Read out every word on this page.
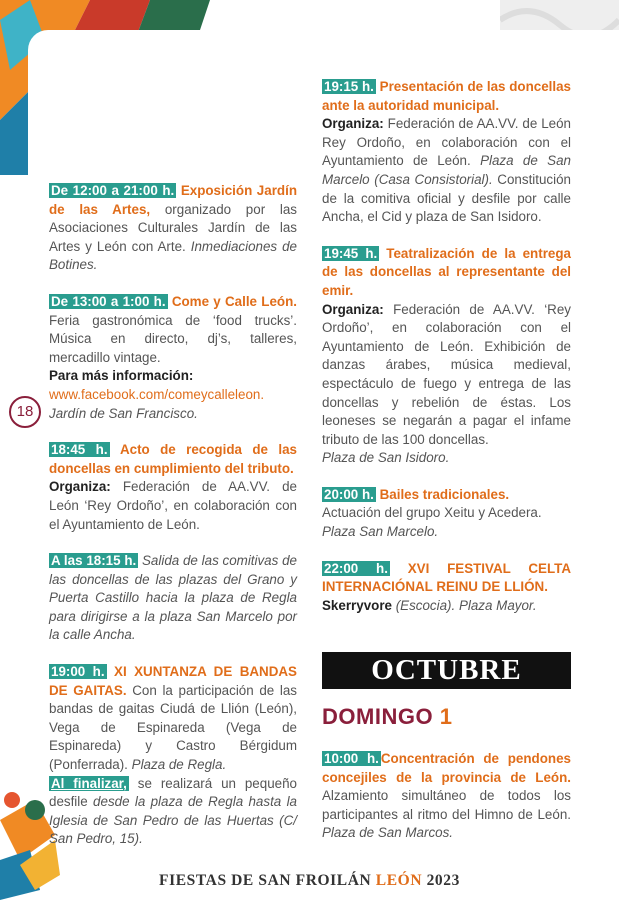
18

De 12:00 a 21:00 h. Exposición Jardín de las Artes, organizado por las Asociaciones Culturales Jardín de las Artes y León con Arte. Inmediaciones de Botines.

De 13:00 a 1:00 h. Come y Calle León. Feria gastronómica de ‘food trucks’. Música en directo, dj’s, talleres, mercadillo vintage.
Para más información:
www.facebook.com/comeycalleleon. Jardín de San Francisco.

18:45 h. Acto de recogida de las doncellas en cumplimiento del tributo.
Organiza: Federación de AA.VV. de León ‘Rey Ordoño’, en colaboración con el Ayuntamiento de León.

A las 18:15 h. Salida de las comitivas de las doncellas de las plazas del Grano y Puerta Castillo hacia la plaza de Regla para dirigirse a la plaza San Marcelo por la calle Ancha.

19:00 h. XI XUNTANZA DE BANDAS DE GAITAS. Con la participación de las bandas de gaitas Ciudá de Llión (León), Vega de Espinareda (Vega de Espinareda) y Castro Bérgidum (Ponferrada). Plaza de Regla.
Al finalizar, se realizará un pequeño desfile desde la plaza de Regla hasta la Iglesia de San Pedro de las Huertas (C/ San Pedro, 15).

19:15 h. Presentación de las doncellas ante la autoridad municipal.
Organiza: Federación de AA.VV. de León Rey Ordoño, en colaboración con el Ayuntamiento de León. Plaza de San Marcelo (Casa Consistorial). Constitución de la comitiva oficial y desfile por calle Ancha, el Cid y plaza de San Isidoro.

19:45 h. Teatralización de la entrega de las doncellas al representante del emir.
Organiza: Federación de AA.VV. ‘Rey Ordoño’, en colaboración con el Ayuntamiento de León. Exhibición de danzas árabes, música medieval, espectáculo de fuego y entrega de las doncellas y rebelión de éstas. Los leoneses se negarán a pagar el infame tributo de las 100 doncellas.
Plaza de San Isidoro.

20:00 h. Bailes tradicionales.
Actuación del grupo Xeitu y Acedera.
Plaza San Marcelo.

22:00 h. XVI FESTIVAL CELTA INTERNACIÓNAL REINU DE LLIÓN.
Skerryvore (Escocia). Plaza Mayor.

OCTUBRE
DOMINGO 1

10:00 h. Concentración de pendones concejiles de la provincia de León. Alzamiento simultáneo de todos los participantes al ritmo del Himno de León. Plaza de San Marcos.

FIESTAS DE SAN FROILÁN LEÓN 2023
